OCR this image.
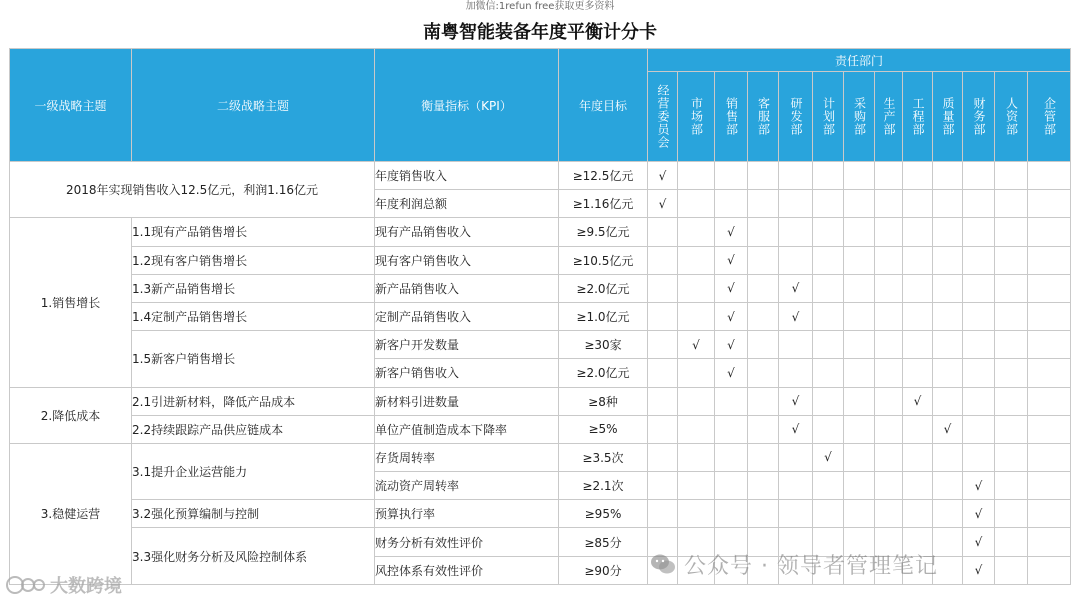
加微信:1refun free获取更多资料
南粤智能装备年度平衡计分卡
一级战略主题	二级战略主题	衡量指标（KPI）	年度目标	责任部门												

				经营委员会	市场部	销售部	客服部	研发部	计划部	采购部	生产部	工程部	质量部	财务部	人资部	企管部

2018年实现销售收入12.5亿元，利润1.16亿元		年度销售收入	≥12.5亿元	√												
		年度利润总额	≥1.16亿元	√												
1.销售增长	1.1现有产品销售增长	现有产品销售收入	≥9.5亿元			√										
	1.2现有客户销售增长	现有客户销售收入	≥10.5亿元			√										
	1.3新产品销售增长	新产品销售收入	≥2.0亿元			√		√								
	1.4定制产品销售增长	定制产品销售收入	≥1.0亿元			√		√								
	1.5新客户销售增长	新客户开发数量	≥30家		√	√										
		新客户销售收入	≥2.0亿元			√										
2.降低成本	2.1引进新材料，降低产品成本	新材料引进数量	≥8种					√				√				
	2.2持续跟踪产品供应链成本	单位产值制造成本下降率	≥5%					√					√			
3.稳健运营	3.1提升企业运营能力	存货周转率	≥3.5次						√							
		流动资产周转率	≥2.1次											√		
	3.2强化预算编制与控制	预算执行率	≥95%											√		
	3.3强化财务分析及风险控制体系	财务分析有效性评价	≥85分											√		
		风控体系有效性评价	≥90分											√		
公众号 · 领导者管理笔记
大数跨境
